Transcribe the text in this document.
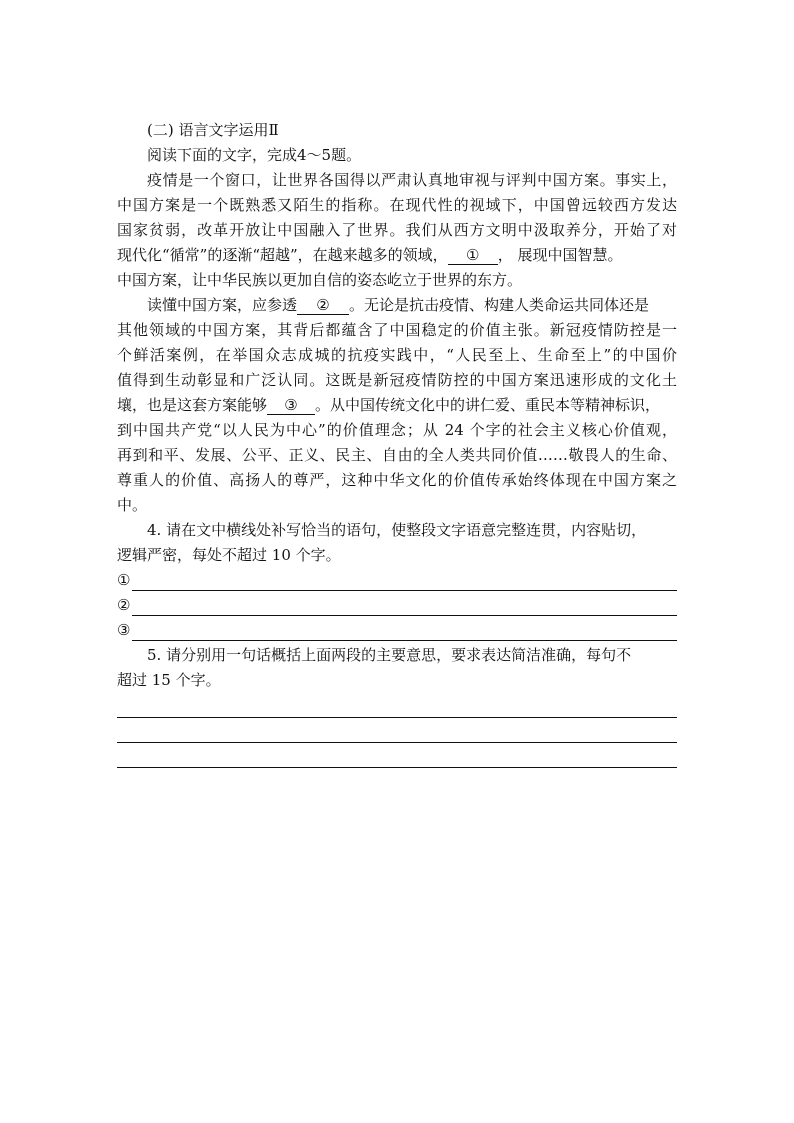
(二) 语言文字运用Ⅱ
阅读下面的文字，完成4～5题。
疫情是一个窗口，让世界各国得以严肃认真地审视与评判中国方案。事实上，
中国方案是一个既熟悉又陌生的指称。在现代性的视域下，中国曾远较西方发达
国家贫弱，改革开放让中国融入了世界。我们从西方文明中汲取养分，开始了对
现代化“循常”的逐渐“超越”，在越来越多的领域， ① ， 展现中国智慧。
中国方案，让中华民族以更加自信的姿态屹立于世界的东方。
读懂中国方案，应参透 ② 。无论是抗击疫情、构建人类命运共同体还是
其他领域的中国方案，其背后都蕴含了中国稳定的价值主张。新冠疫情防控是一
个鲜活案例，在举国众志成城的抗疫实践中，“人民至上、生命至上”的中国价
值得到生动彰显和广泛认同。这既是新冠疫情防控的中国方案迅速形成的文化土
壤，也是这套方案能够 ③ 。从中国传统文化中的讲仁爱、重民本等精神标识，
到中国共产党“以人民为中心”的价值理念；从 24 个字的社会主义核心价值观，
再到和平、发展、公平、正义、民主、自由的全人类共同价值……敬畏人的生命、
尊重人的价值、高扬人的尊严，这种中华文化的价值传承始终体现在中国方案之
中。
4. 请在文中横线处补写恰当的语句，使整段文字语意完整连贯，内容贴切，
逻辑严密，每处不超过 10 个字。
①
②
③
5. 请分别用一句话概括上面两段的主要意思，要求表达简洁准确，每句不
超过 15 个字。
